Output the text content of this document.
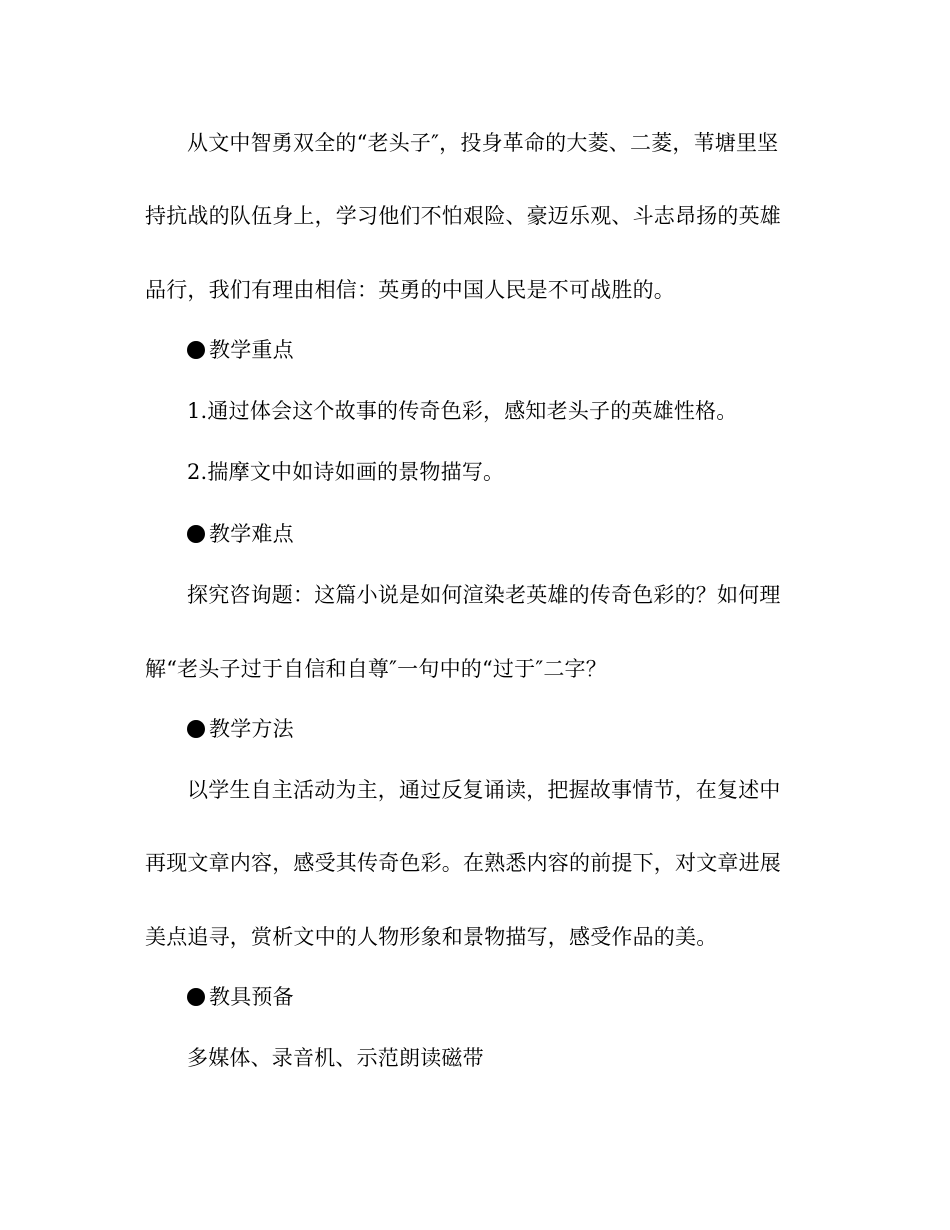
从文中智勇双全的“老头子″，投身革命的大菱、二菱，苇塘里坚
持抗战的队伍身上，学习他们不怕艰险、豪迈乐观、斗志昂扬的英雄
品行，我们有理由相信：英勇的中国人民是不可战胜的。
教学重点
1.通过体会这个故事的传奇色彩，感知老头子的英雄性格。
2.揣摩文中如诗如画的景物描写。
教学难点
探究咨询题：这篇小说是如何渲染老英雄的传奇色彩的？如何理
解“老头子过于自信和自尊″一句中的“过于″二字？
教学方法
以学生自主活动为主，通过反复诵读，把握故事情节，在复述中
再现文章内容，感受其传奇色彩。在熟悉内容的前提下，对文章进展
美点追寻，赏析文中的人物形象和景物描写，感受作品的美。
教具预备
多媒体、录音机、示范朗读磁带
